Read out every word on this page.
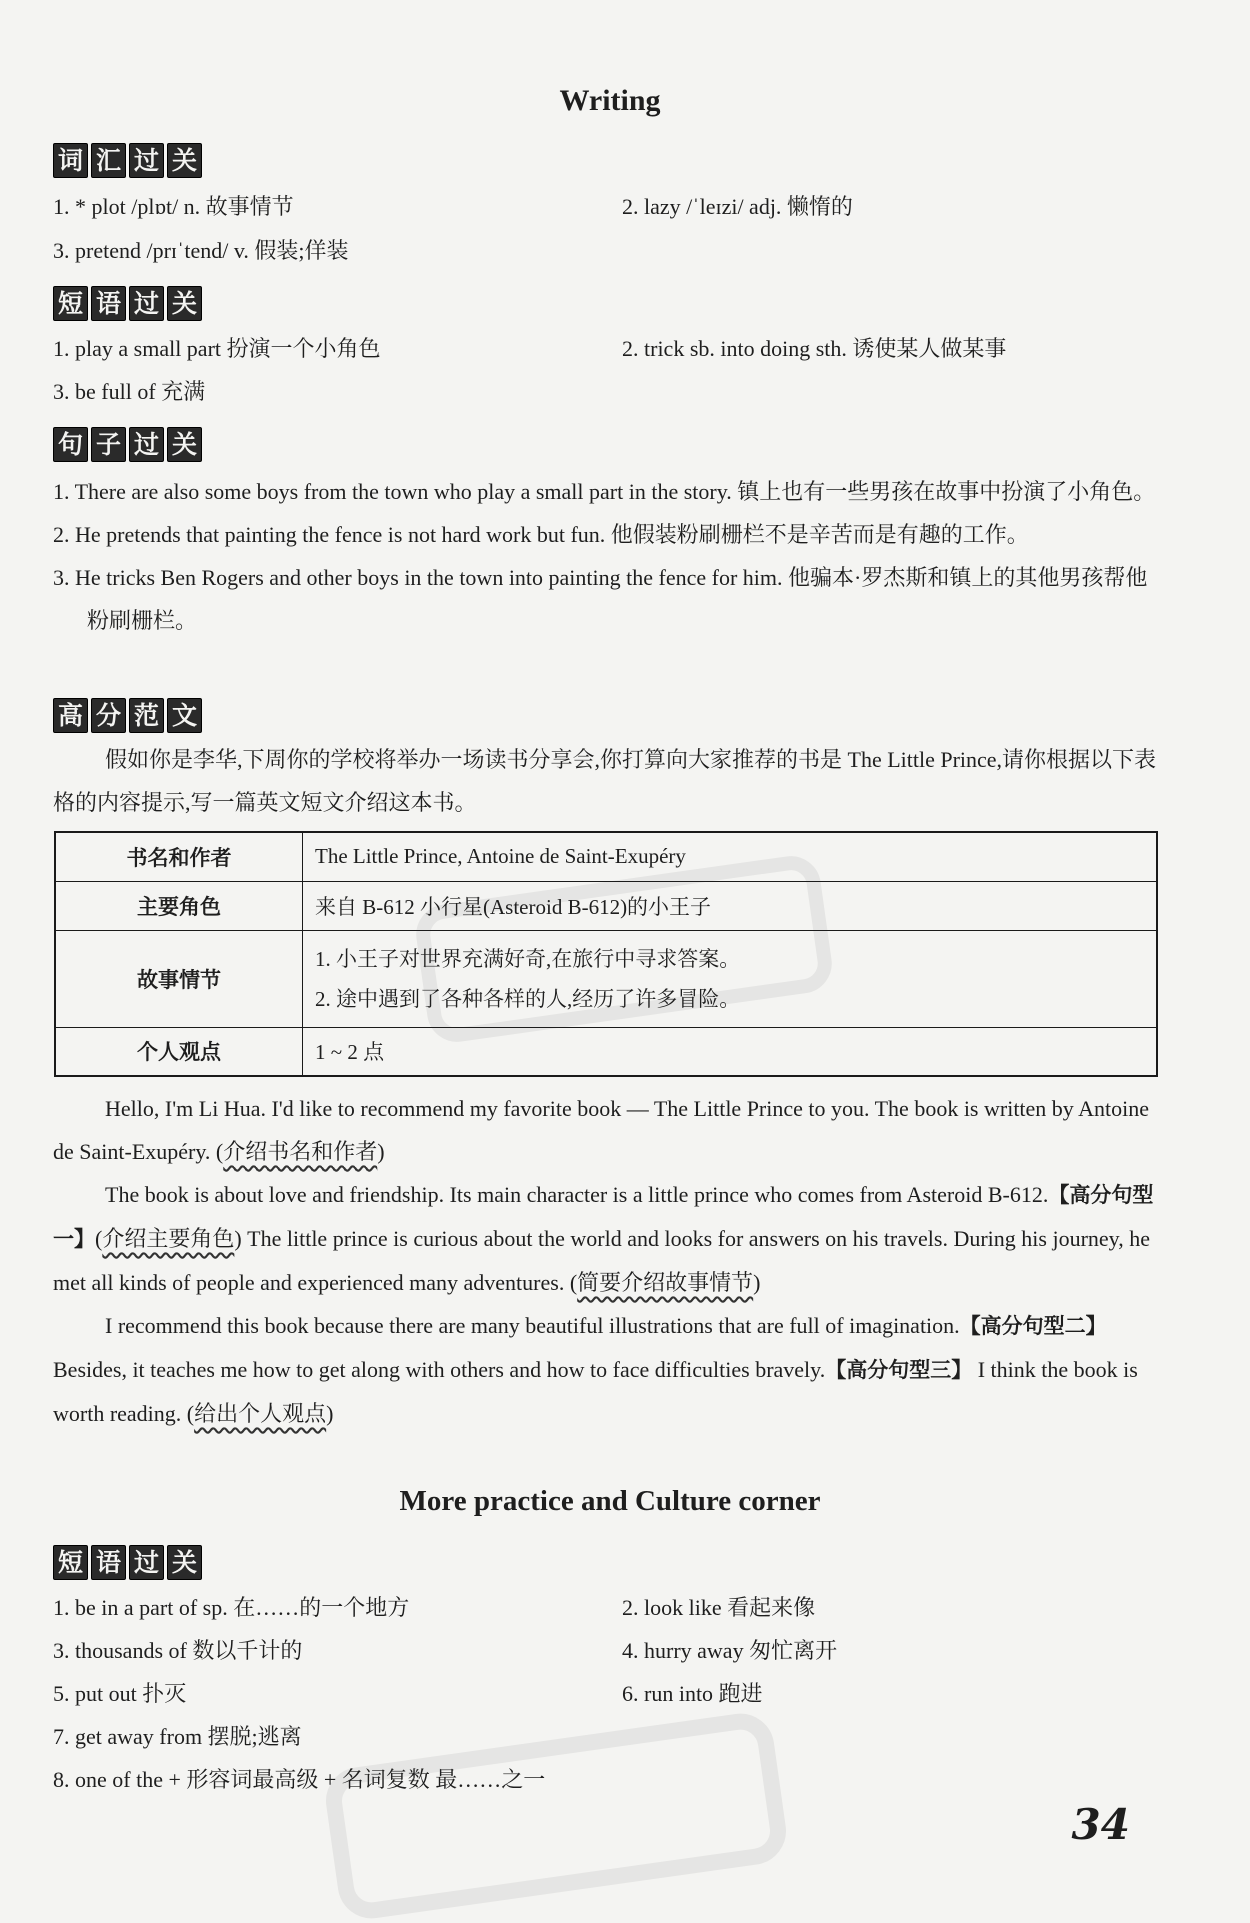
Writing
词 汇 过 关
1. * plot /plɒt/ n. 故事情节	2. lazy /ˈleɪzi/ adj. 懒惰的
3. pretend /prɪˈtend/ v. 假装;佯装
短 语 过 关
1. play a small part 扮演一个小角色	2. trick sb. into doing sth. 诱使某人做某事
3. be full of 充满
句 子 过 关

1. There are also some boys from the town who play a small part in the story. 镇上也有一些男孩在故事中扮演了小角色。

2. He pretends that painting the fence is not hard work but fun. 他假装粉刷栅栏不是辛苦而是有趣的工作。

3. He tricks Ben Rogers and other boys in the town into painting the fence for him. 他骗本·罗杰斯和镇上的其他男孩帮他粉刷栅栏。

高 分 范 文
假如你是李华,下周你的学校将举办一场读书分享会,你打算向大家推荐的书是 The Little Prince,请你根据以下表格的内容提示,写一篇英文短文介绍这本书。
书名和作者	The Little Prince, Antoine de Saint-Exupéry
主要角色	来自 B-612 小行星(Asteroid B-612)的小王子
故事情节	1. 小王子对世界充满好奇,在旅行中寻求答案。
2. 途中遇到了各种各样的人,经历了许多冒险。

个人观点	1 ~ 2 点

Hello, I'm Li Hua. I'd like to recommend my favorite book — The Little Prince to you. The book is written by Antoine de Saint-Exupéry. (介绍书名和作者)

The book is about love and friendship. Its main character is a little prince who comes from Asteroid B-612.【高分句型一】(介绍主要角色) The little prince is curious about the world and looks for answers on his travels. During his journey, he met all kinds of people and experienced many adventures. (简要介绍故事情节)

I recommend this book because there are many beautiful illustrations that are full of imagination.【高分句型二】 Besides, it teaches me how to get along with others and how to face difficulties bravely.【高分句型三】 I think the book is worth reading. (给出个人观点)

More practice and Culture corner
短 语 过 关
1. be in a part of sp. 在……的一个地方	2. look like 看起来像
3. thousands of 数以千计的	4. hurry away 匆忙离开
5. put out 扑灭	6. run into 跑进
7. get away from 摆脱;逃离
8. one of the + 形容词最高级 + 名词复数 最……之一
34
